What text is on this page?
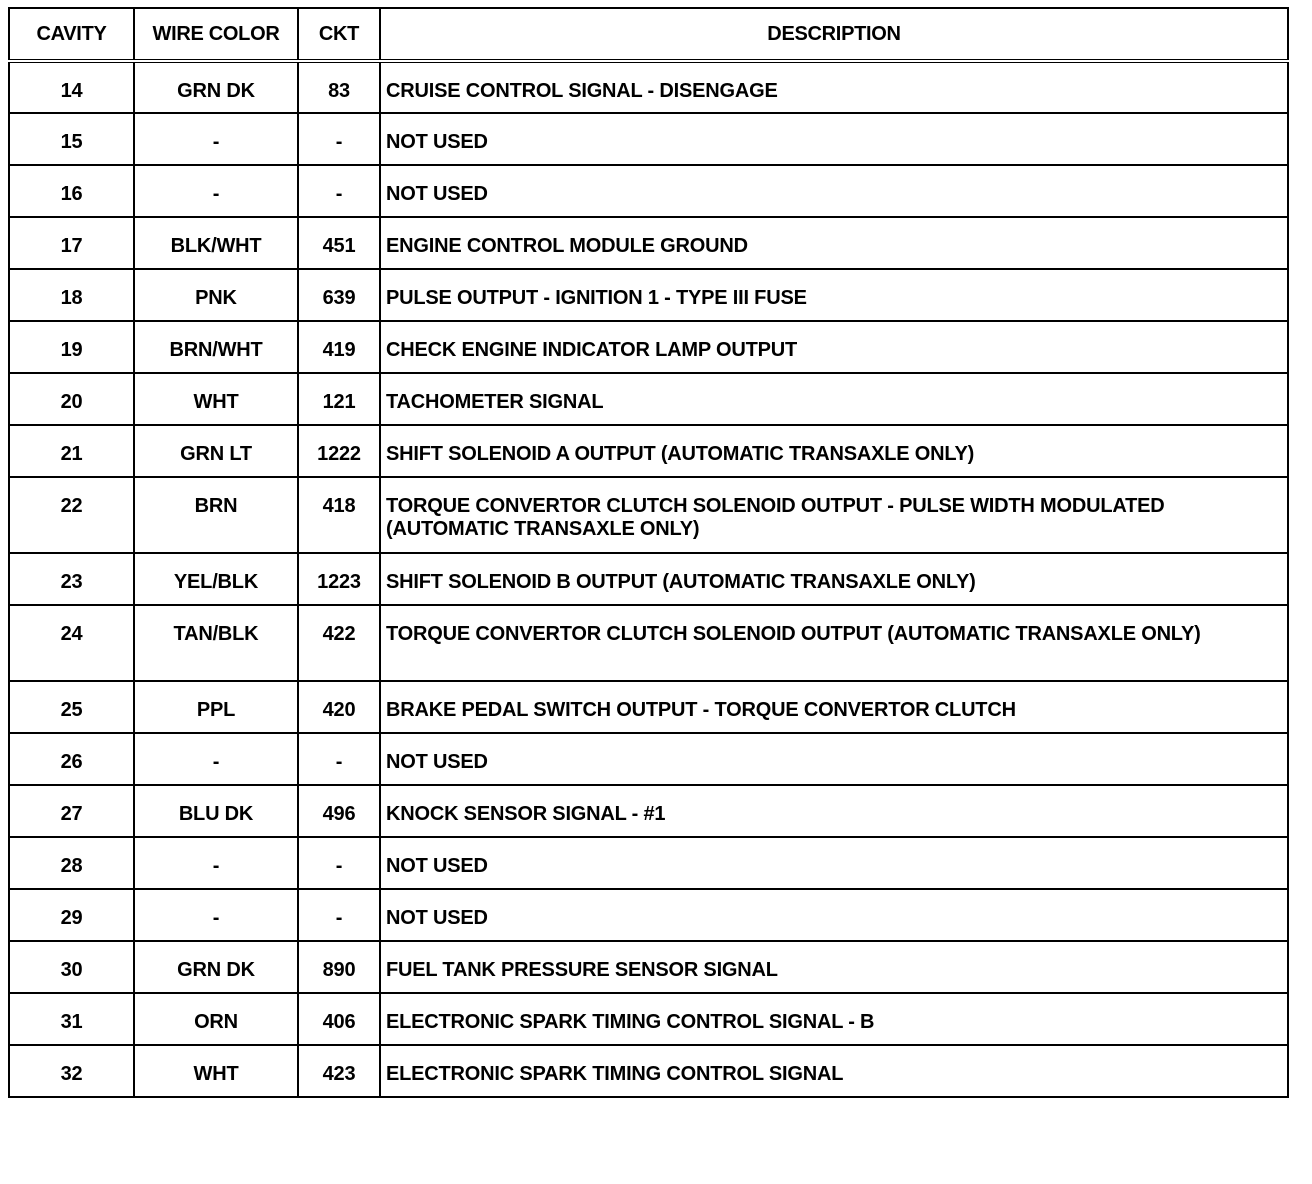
CAVITY	WIRE COLOR	CKT	DESCRIPTION
14	GRN DK	83	CRUISE CONTROL SIGNAL - DISENGAGE
15	-	-	NOT USED
16	-	-	NOT USED
17	BLK/WHT	451	ENGINE CONTROL MODULE GROUND
18	PNK	639	PULSE OUTPUT - IGNITION 1 - TYPE III FUSE
19	BRN/WHT	419	CHECK ENGINE INDICATOR LAMP OUTPUT
20	WHT	121	TACHOMETER SIGNAL
21	GRN LT	1222	SHIFT SOLENOID A OUTPUT (AUTOMATIC TRANSAXLE ONLY)
22	BRN	418	TORQUE CONVERTOR CLUTCH SOLENOID OUTPUT - PULSE WIDTH MODULATED (AUTOMATIC TRANSAXLE ONLY)
23	YEL/BLK	1223	SHIFT SOLENOID B OUTPUT (AUTOMATIC TRANSAXLE ONLY)
24	TAN/BLK	422	TORQUE CONVERTOR CLUTCH SOLENOID OUTPUT (AUTOMATIC TRANSAXLE ONLY)
25	PPL	420	BRAKE PEDAL SWITCH OUTPUT - TORQUE CONVERTOR CLUTCH
26	-	-	NOT USED
27	BLU DK	496	KNOCK SENSOR SIGNAL - #1
28	-	-	NOT USED
29	-	-	NOT USED
30	GRN DK	890	FUEL TANK PRESSURE SENSOR SIGNAL
31	ORN	406	ELECTRONIC SPARK TIMING CONTROL SIGNAL - B
32	WHT	423	ELECTRONIC SPARK TIMING CONTROL SIGNAL
